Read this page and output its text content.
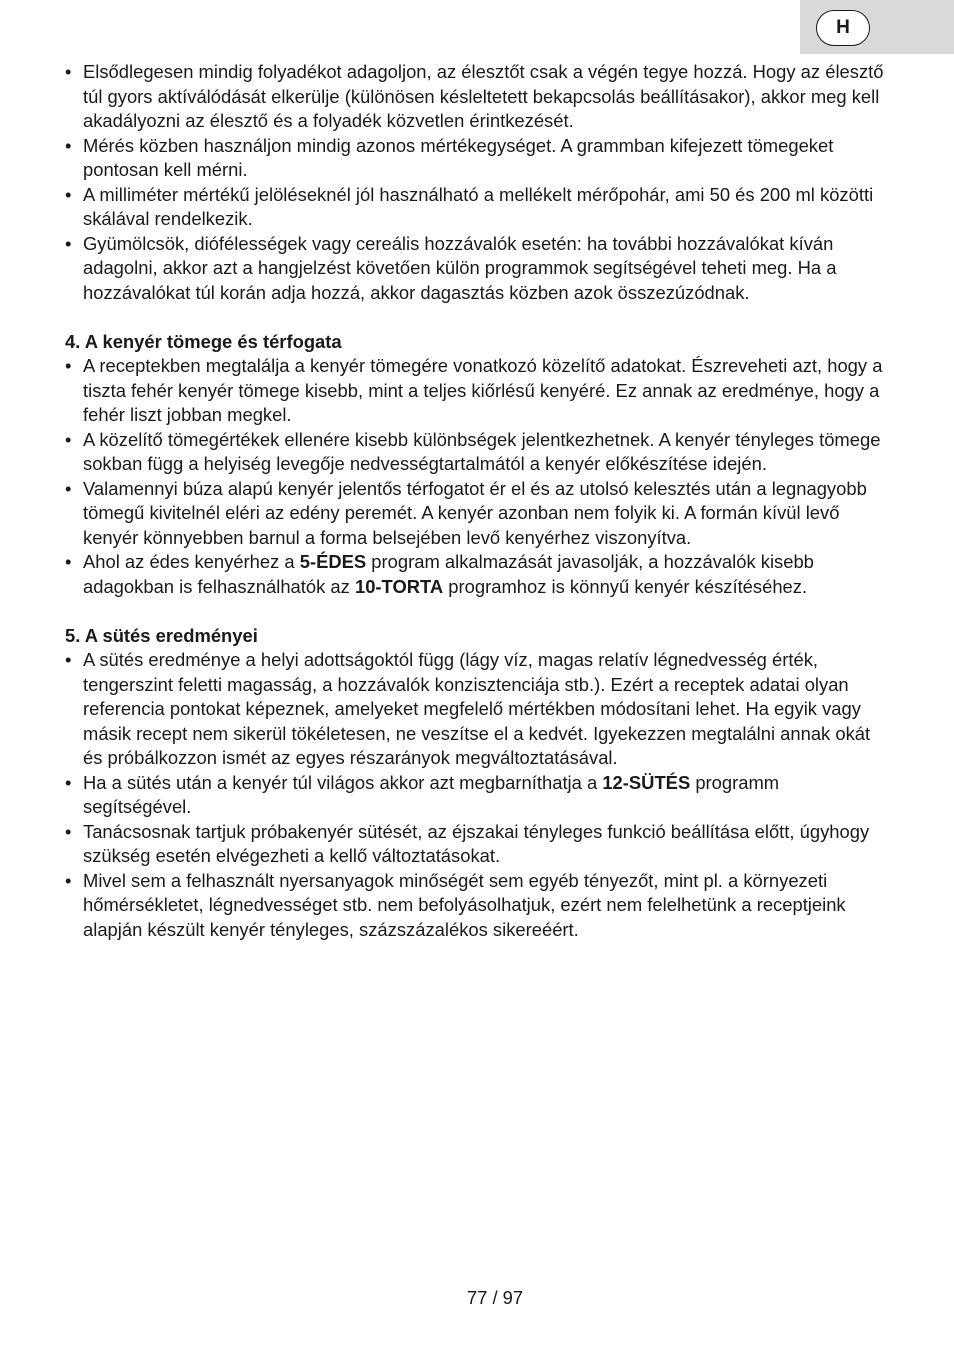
H
• Elsődlegesen mindig folyadékot adagoljon, az élesztőt csak a végén tegye hozzá. Hogy az élesztő túl gyors aktíválódását elkerülje (különösen késleltetett bekapcsolás beállításakor), akkor meg kell akadályozni az élesztő és a folyadék közvetlen érintkezését.
• Mérés közben használjon mindig azonos mértékegységet. A grammban kifejezett tömegeket pontosan kell mérni.
• A milliméter mértékű jelöléseknél jól használható a mellékelt mérőpohár, ami 50 és 200 ml közötti skálával rendelkezik.
• Gyümölcsök, diófélességek vagy cereális hozzávalók esetén: ha további hozzávalókat kíván adagolni, akkor azt a hangjelzést követően külön programmok segítségével teheti meg. Ha a hozzávalókat túl korán adja hozzá, akkor dagasztás közben azok összezúzódnak.
4. A kenyér tömege és térfogata
• A receptekben megtalálja a kenyér tömegére vonatkozó közelítő adatokat. Észreveheti azt, hogy a tiszta fehér kenyér tömege kisebb, mint a teljes kiőrlésű kenyéré. Ez annak az eredménye, hogy a fehér liszt jobban megkel.
• A közelítő tömegértékek ellenére kisebb különbségek jelentkezhetnek. A kenyér tényleges tömege sokban függ a helyiség levegője nedvességtartalmától a kenyér előkészítése idején.
• Valamennyi búza alapú kenyér jelentős térfogatot ér el és az utolsó kelesztés után a legnagyobb tömegű kivitelnél eléri az edény peremét. A kenyér azonban nem folyik ki. A formán kívül levő kenyér könnyebben barnul a forma belsejében levő kenyérhez viszonyítva.
• Ahol az édes kenyérhez a 5-ÉDES program alkalmazását javasolják, a hozzávalók kisebb adagokban is felhasználhatók az 10-TORTA programhoz is könnyű kenyér készítéséhez.
5. A sütés eredményei
• A sütés eredménye a helyi adottságoktól függ (lágy víz, magas relatív légnedvesség érték, tengerszint feletti magasság, a hozzávalók konzisztenciája stb.). Ezért a receptek adatai olyan referencia pontokat képeznek, amelyeket megfelelő mértékben módosítani lehet. Ha egyik vagy másik recept nem sikerül tökéletesen, ne veszítse el a kedvét. Igyekezzen megtalálni annak okát és próbálkozzon ismét az egyes részarányok megváltoztatásával.
• Ha a sütés után a kenyér túl világos akkor azt megbarníthatja a 12-SÜTÉS programm segítségével.
• Tanácsosnak tartjuk próbakenyér sütését, az éjszakai tényleges funkció beállítása előtt, úgyhogy szükség esetén elvégezheti a kellő változtatásokat.
• Mivel sem a felhasznált nyersanyagok minőségét sem egyéb tényezőt, mint pl. a környezeti hőmérsékletet, légnedvességet stb. nem befolyásolhatjuk, ezért nem felelhetünk a receptjeink alapján készült kenyér tényleges, százszázalékos sikereéért.
77 / 97
